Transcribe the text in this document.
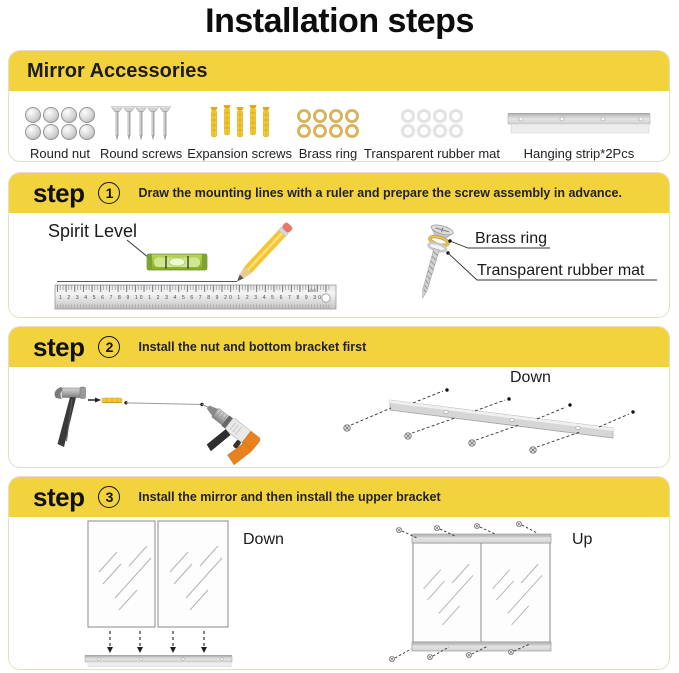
Installation steps
Mirror Accessories
Round nut Round screws Expansion screws Brass ring Transparent rubber mat Hanging strip*2Pcs
step	1	Draw the mounting lines with a ruler and prepare the screw assembly in advance.
1 2 3 4 5 6 7 8 9 10 1 2 3 4 5 6 7 8 9 20 1 2 3 4 5 6 7 8 9 30
deli
Spirit Level	Brass ring
Transparent rubber mat
step	2	Install the nut and bottom bracket first
Down
step	3	Install the mirror and then install the upper bracket
Down	Up
